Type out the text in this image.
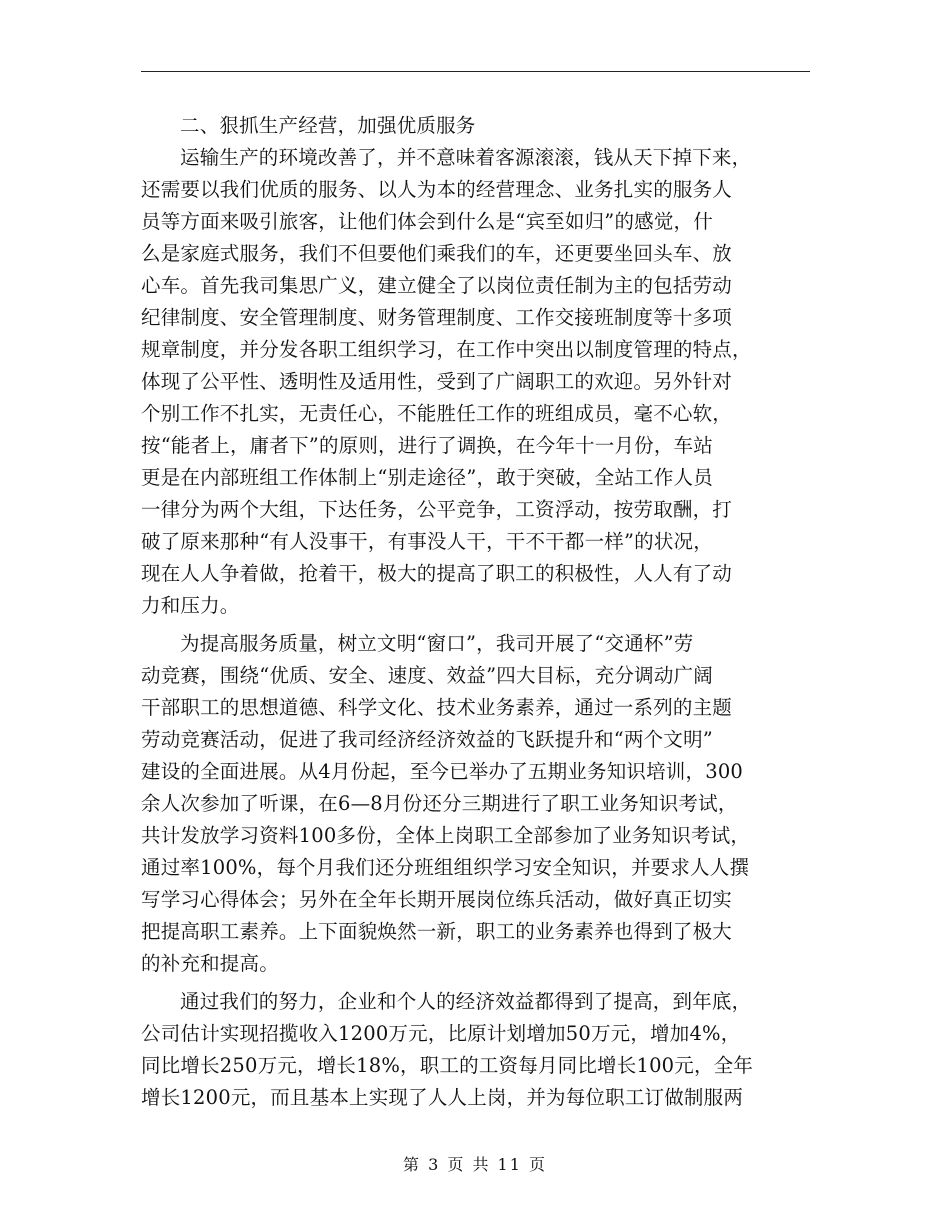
二、狠抓生产经营，加强优质服务
运输生产的环境改善了，并不意味着客源滚滚，钱从天下掉下来，
还需要以我们优质的服务、以人为本的经营理念、业务扎实的服务人
员等方面来吸引旅客，让他们体会到什么是“宾至如归”的感觉，什
么是家庭式服务，我们不但要他们乘我们的车，还更要坐回头车、放
心车。首先我司集思广义，建立健全了以岗位责任制为主的包括劳动
纪律制度、安全管理制度、财务管理制度、工作交接班制度等十多项
规章制度，并分发各职工组织学习，在工作中突出以制度管理的特点，
体现了公平性、透明性及适用性，受到了广阔职工的欢迎。另外针对
个别工作不扎实，无责任心，不能胜任工作的班组成员，毫不心软，
按“能者上，庸者下”的原则，进行了调换，在今年十一月份，车站
更是在内部班组工作体制上“别走途径”，敢于突破，全站工作人员
一律分为两个大组，下达任务，公平竞争，工资浮动，按劳取酬，打
破了原来那种“有人没事干，有事没人干，干不干都一样”的状况，
现在人人争着做，抢着干，极大的提高了职工的积极性，人人有了动
力和压力。
为提高服务质量，树立文明“窗口”，我司开展了“交通杯”劳
动竞赛，围绕“优质、安全、速度、效益”四大目标，充分调动广阔
干部职工的思想道德、科学文化、技术业务素养，通过一系列的主题
劳动竞赛活动，促进了我司经济经济效益的飞跃提升和“两个文明”
建设的全面进展。从4月份起，至今已举办了五期业务知识培训，300
余人次参加了听课，在6—8月份还分三期进行了职工业务知识考试，
共计发放学习资料100多份，全体上岗职工全部参加了业务知识考试，
通过率100%，每个月我们还分班组组织学习安全知识，并要求人人撰
写学习心得体会；另外在全年长期开展岗位练兵活动，做好真正切实
把提高职工素养。上下面貌焕然一新，职工的业务素养也得到了极大
的补充和提高。
通过我们的努力，企业和个人的经济效益都得到了提高，到年底，
公司估计实现招揽收入1200万元，比原计划增加50万元，增加4%，
同比增长250万元，增长18%，职工的工资每月同比增长100元，全年
增长1200元，而且基本上实现了人人上岗，并为每位职工订做制服两
第 3 页 共 11 页
